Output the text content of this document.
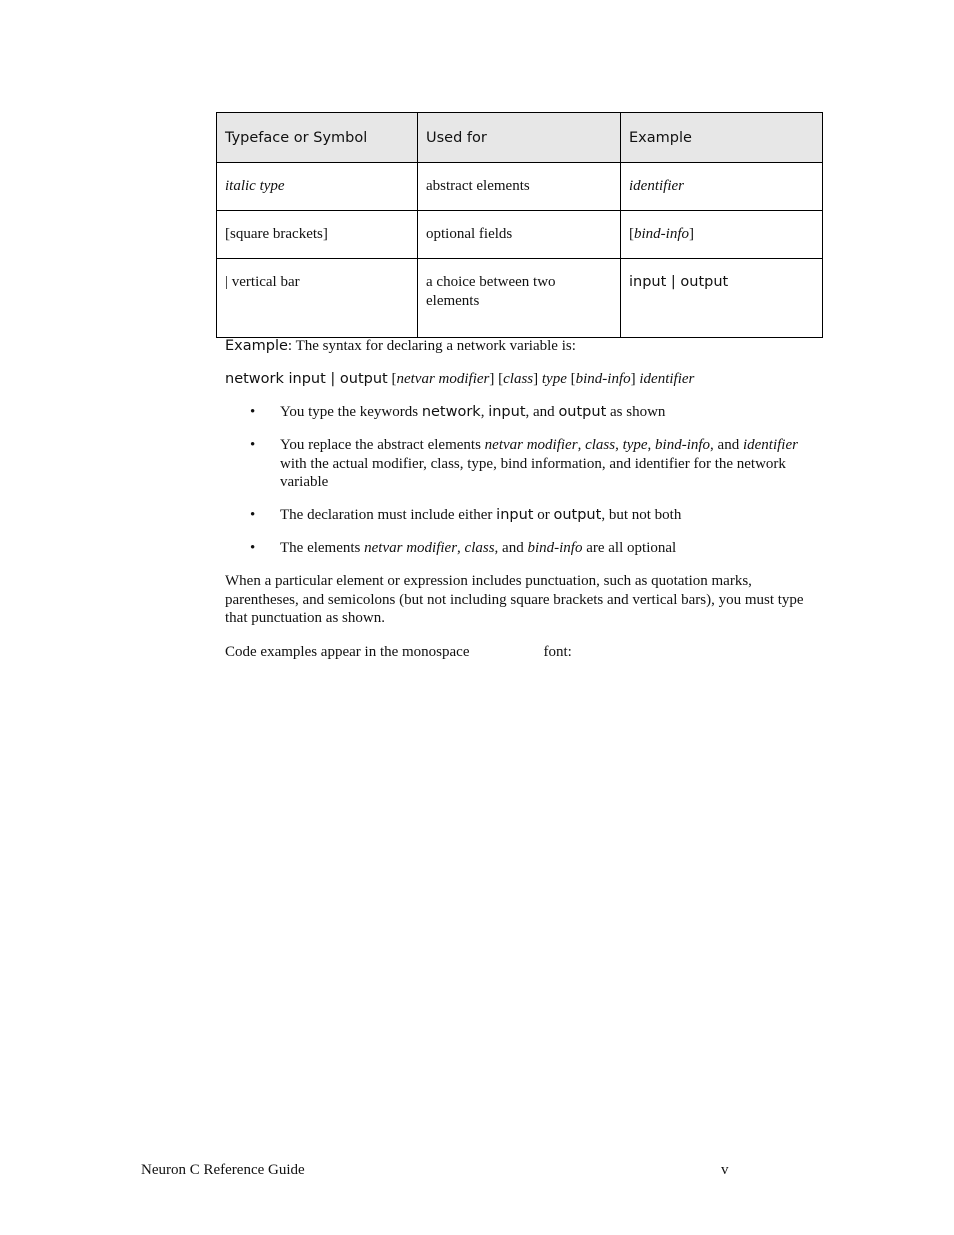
Typeface or Symbol	Used for	Example
italic type	abstract elements	identifier
[square brackets]	optional fields	[bind-info]
| vertical bar	a choice between two elements	input | output
Example: The syntax for declaring a network variable is:
network input | output [netvar modifier] [class] type [bind-info] identifier
• You type the keywords network, input, and output as shown
• You replace the abstract elements netvar modifier, class, type, bind-info, and identifier with the actual modifier, class, type, bind information, and identifier for the network variable
• The declaration must include either input or output, but not both
• The elements netvar modifier, class, and bind-info are all optional
When a particular element or expression includes punctuation, such as quotation marks, parentheses, and semicolons (but not including square brackets and vertical bars), you must type that punctuation as shown.
Code examples appear in the monospace	font:
Neuron C Reference Guide	v
